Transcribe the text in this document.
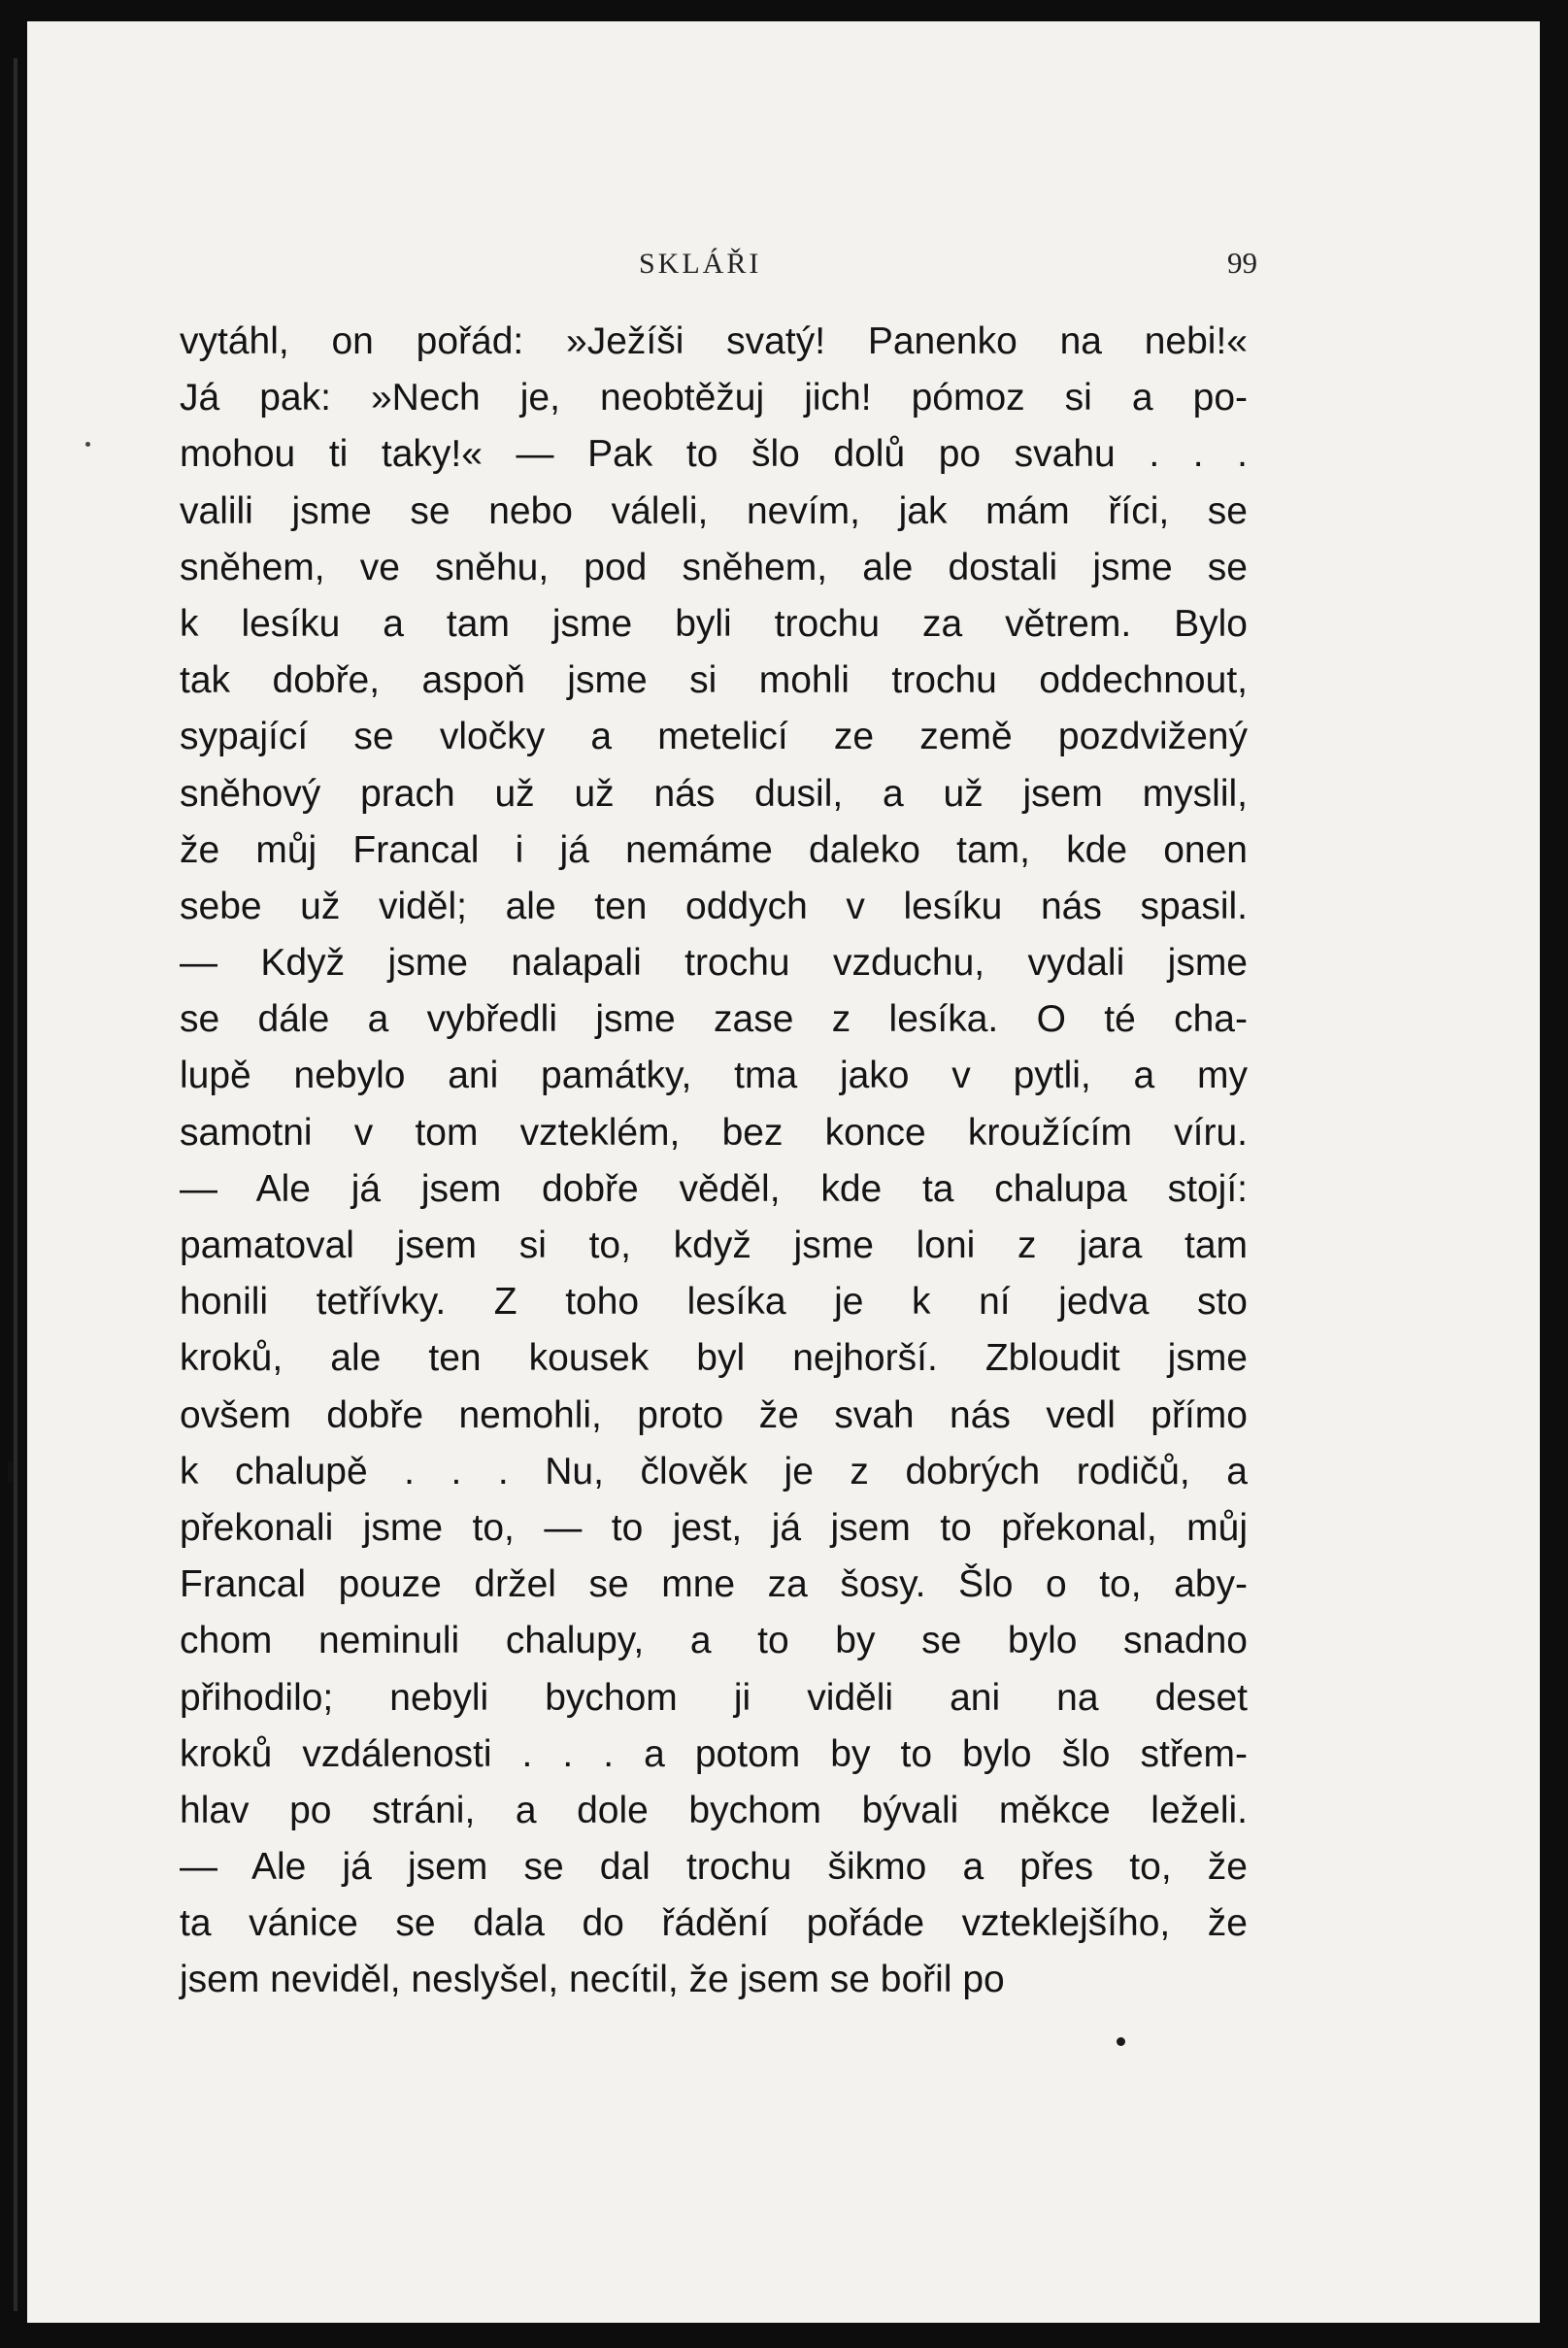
SKLÁŘI	99
vytáhl, on pořád: »Ježíši svatý! Panenko na nebi!«
Já pak: »Nech je, neobtěžuj jich! pómoz si a po-
mohou ti taky!« — Pak to šlo dolů po svahu . . .
valili jsme se nebo váleli, nevím, jak mám říci, se
sněhem, ve sněhu, pod sněhem, ale dostali jsme se
k lesíku a tam jsme byli trochu za větrem. Bylo
tak dobře, aspoň jsme si mohli trochu oddechnout,
sypající se vločky a metelicí ze země pozdvižený
sněhový prach už už nás dusil, a už jsem myslil,
že můj Francal i já nemáme daleko tam, kde onen
sebe už viděl; ale ten oddych v lesíku nás spasil.
— Když jsme nalapali trochu vzduchu, vydali jsme
se dále a vybředli jsme zase z lesíka. O té cha-
lupě nebylo ani památky, tma jako v pytli, a my
samotni v tom vzteklém, bez konce kroužícím víru.
— Ale já jsem dobře věděl, kde ta chalupa stojí:
pamatoval jsem si to, když jsme loni z jara tam
honili tetřívky. Z toho lesíka je k ní jedva sto
kroků, ale ten kousek byl nejhorší. Zbloudit jsme
ovšem dobře nemohli, proto že svah nás vedl přímo
k chalupě . . . Nu, člověk je z dobrých rodičů, a
překonali jsme to, — to jest, já jsem to překonal, můj
Francal pouze držel se mne za šosy. Šlo o to, aby-
chom neminuli chalupy, a to by se bylo snadno
přihodilo; nebyli bychom ji viděli ani na deset
kroků vzdálenosti . . . a potom by to bylo šlo střem-
hlav po stráni, a dole bychom bývali měkce leželi.
— Ale já jsem se dal trochu šikmo a přes to, že
ta vánice se dala do řádění pořáde vzteklejšího, že
jsem neviděl, neslyšel, necítil, že jsem se bořil po
